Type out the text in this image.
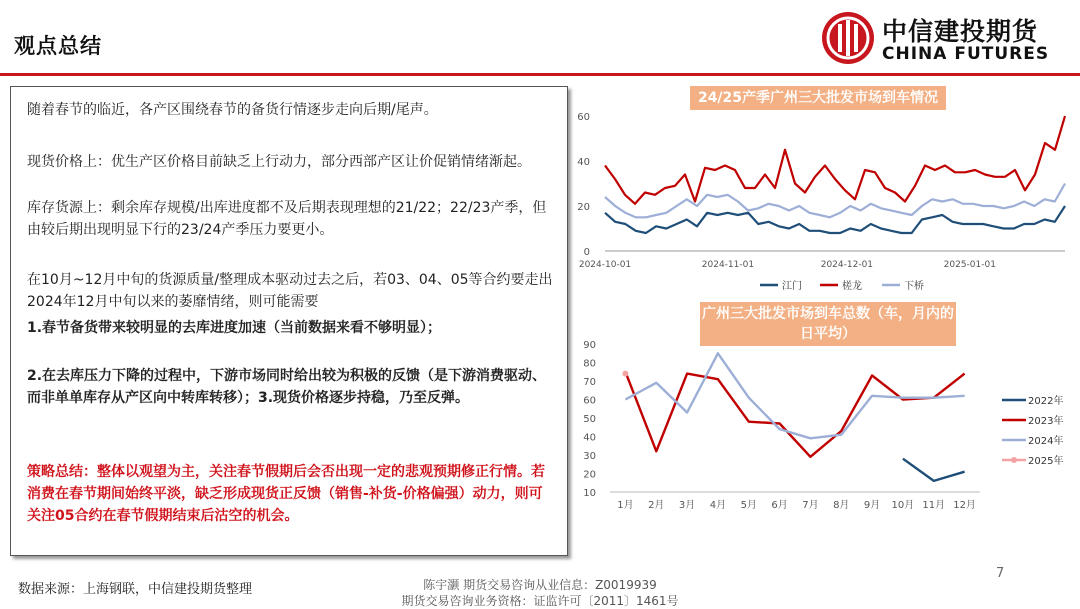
观点总结	中信建投期货
CHINA FUTURES

随着春节的临近，各产区围绕春节的备货行情逐步走向后期/尾声。

现货价格上：优生产区价格目前缺乏上行动力，部分西部产区让价促销情绪渐起。

库存货源上：剩余库存规模/出库进度都不及后期表现理想的21/22；22/23产季，但由较后期出现明显下行的23/24产季压力要更小。

在10月~12月中旬的货源质量/整理成本驱动过去之后，若03、04、05等合约要走出2024年12月中旬以来的萎靡情绪，则可能需要

1.春节备货带来较明显的去库进度加速（当前数据来看不够明显）；

2.在去库压力下降的过程中，下游市场同时给出较为积极的反馈（是下游消费驱动、而非单单库存从产区向中转库转移）；3.现货价格逐步持稳，乃至反弹。

策略总结：整体以观望为主，关注春节假期后会否出现一定的悲观预期修正行情。若消费在春节期间始终平淡，缺乏形成现货正反馈（销售-补货-价格偏强）动力，则可关注05合约在春节假期结束后沽空的机会。

24/25产季广州三大批发市场到车情况
0
20
40
60
2024-10-01	2024-11-01	2024-12-01	2025-01-01
江门	槎龙	下桥
广州三大批发市场到车总数（车，月内的日平均）
10
20
30
40
50
60
70
80
90
1月 2月 3月 4月 5月 6月 7月 8月 9月 10月 11月 12月
2022年
2023年
2024年
2025年
数据来源：上海钢联，中信建投期货整理	陈宇灏 期货交易咨询从业信息：Z0019939
期货交易咨询业务资格：证监许可〔2011〕1461号
7
